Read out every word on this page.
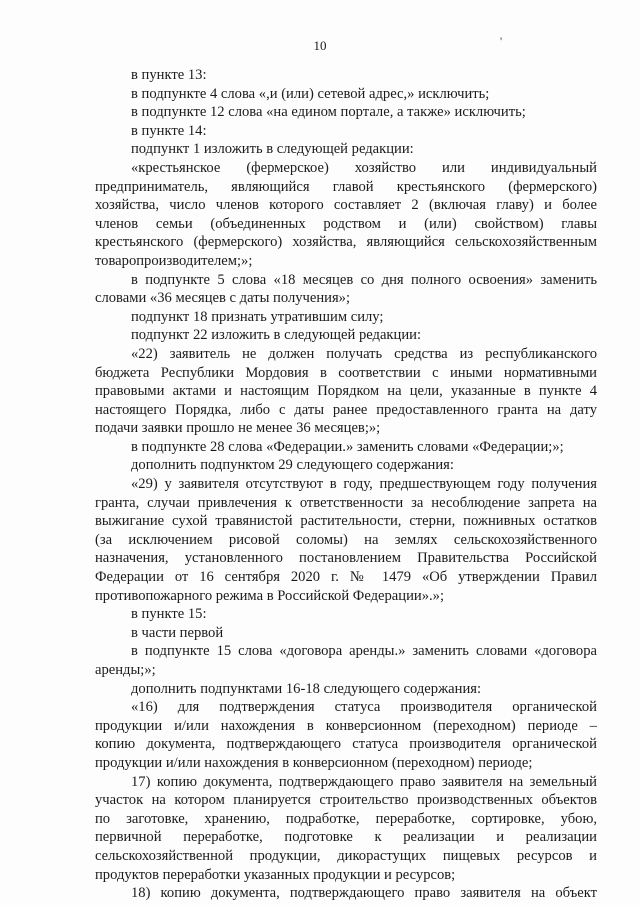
10	'
в пункте 13:
в подпункте 4 слова «,и (или) сетевой адрес,» исключить;
в подпункте 12 слова «на едином портале, а также» исключить;
в пункте 14:
подпункт 1 изложить в следующей редакции:
«крестьянское (фермерское) хозяйство или индивидуальный
предприниматель, являющийся главой крестьянского (фермерского)
хозяйства, число членов которого составляет 2 (включая главу) и более
членов семьи (объединенных родством и (или) свойством) главы
крестьянского (фермерского) хозяйства, являющийся сельскохозяйственным
товаропроизводителем;»;
в подпункте 5 слова «18 месяцев со дня полного освоения» заменить
словами «36 месяцев с даты получения»;
подпункт 18 признать утратившим силу;
подпункт 22 изложить в следующей редакции:
«22) заявитель не должен получать средства из республиканского
бюджета Республики Мордовия в соответствии с иными нормативными
правовыми актами и настоящим Порядком на цели, указанные в пункте 4
настоящего Порядка, либо с даты ранее предоставленного гранта на дату
подачи заявки прошло не менее 36 месяцев;»;
в подпункте 28 слова «Федерации.» заменить словами «Федерации;»;
дополнить подпунктом 29 следующего содержания:
«29) у заявителя отсутствуют в году, предшествующем году получения
гранта, случаи привлечения к ответственности за несоблюдение запрета на
выжигание сухой травянистой растительности, стерни, пожнивных остатков
(за исключением рисовой соломы) на землях сельскохозяйственного
назначения, установленного постановлением Правительства Российской
Федерации от 16 сентября 2020 г. № 1479 «Об утверждении Правил
противопожарного режима в Российской Федерации».»;
в пункте 15:
в части первой
в подпункте 15 слова «договора аренды.» заменить словами «договора
аренды;»;
дополнить подпунктами 16-18 следующего содержания:
«16) для подтверждения статуса производителя органической
продукции и/или нахождения в конверсионном (переходном) периоде –
копию документа, подтверждающего статуса производителя органической
продукции и/или нахождения в конверсионном (переходном) периоде;
17) копию документа, подтверждающего право заявителя на земельный
участок на котором планируется строительство производственных объектов
по заготовке, хранению, подработке, переработке, сортировке, убою,
первичной переработке, подготовке к реализации и реализации
сельскохозяйственной продукции, дикорастущих пищевых ресурсов и
продуктов переработки указанных продукции и ресурсов;
18) копию документа, подтверждающего право заявителя на объект
